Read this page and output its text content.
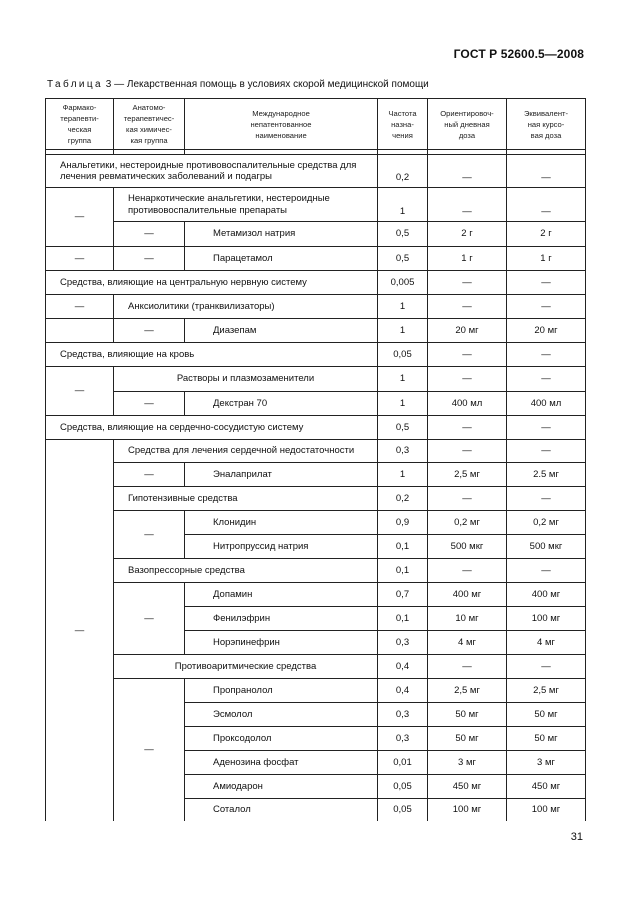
ГОСТ Р 52600.5—2008
Таблица 3 — Лекарственная помощь в условиях скорой медицинской помощи
Фармако-
терапевти-
ческая
группа	Анатомо-
терапевтичес-
кая химичес-
кая группа	Международное
непатентованное
наименование	Частота
назна-
чения	Ориентировоч-
ный дневная
доза	Эквивалент-
ная курсо-
вая доза

Анальгетики, нестероидные противовоспалительные средства для лечения ревматических заболеваний и подагры			0,2	—	—
—	Ненаркотические анальгетики, нестероидные противовоспалительные препараты		1	—	—
	—	Метамизол натрия	0,5	2 г	2 г
—	—	Парацетамол	0,5	1 г	1 г
Средства, влияющие на центральную нервную систему			0,005	—	—
—	Анксиолитики (транквилизаторы)		1	—	—
	—	Диазепам	1	20 мг	20 мг
Средства, влияющие на кровь			0,05	—	—
—	Растворы и плазмозаменители		1	—	—
	—	Декстран 70	1	400 мл	400 мл
Средства, влияющие на сердечно-сосудистую систему			0,5	—	—
—	Средства для лечения сердечной недостаточности		0,3	—	—
	—	Эналаприлат	1	2,5 мг	2.5 мг
	Гипотензивные средства		0,2	—	—
	—	Клонидин	0,9	0,2 мг	0,2 мг
		Нитропруссид натрия	0,1	500 мкг	500 мкг
	Вазопрессорные средства		0,1	—	—
	—	Допамин	0,7	400 мг	400 мг
		Фенилэфрин	0,1	10 мг	100 мг
		Норэпинефрин	0,3	4 мг	4 мг
	Противоаритмические средства		0,4	—	—
	—	Пропранолол	0,4	2,5 мг	2,5 мг
		Эсмолол	0,3	50 мг	50 мг
		Проксодолол	0,3	50 мг	50 мг
		Аденозина фосфат	0,01	3 мг	3 мг
		Амиодарон	0,05	450 мг	450 мг
		Соталол	0,05	100 мг	100 мг
31
